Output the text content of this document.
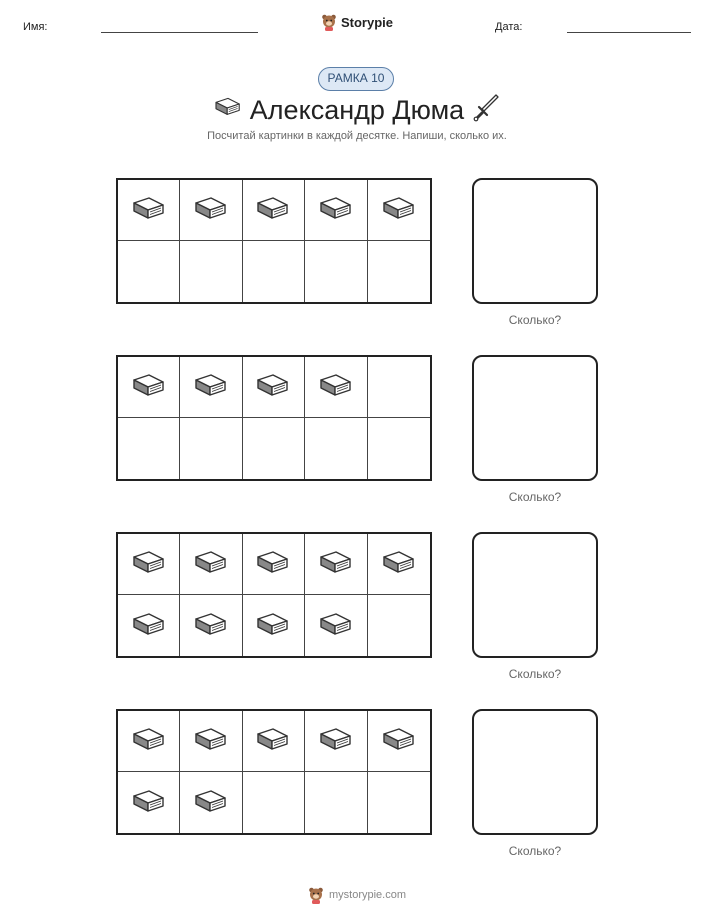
Имя:	Storypie	Дата:
РАМКА 10
Александр Дюма
Посчитай картинки в каждой десятке. Напиши, сколько их.
Сколько?
Сколько?
Сколько?
Сколько?
mystorypie.com
